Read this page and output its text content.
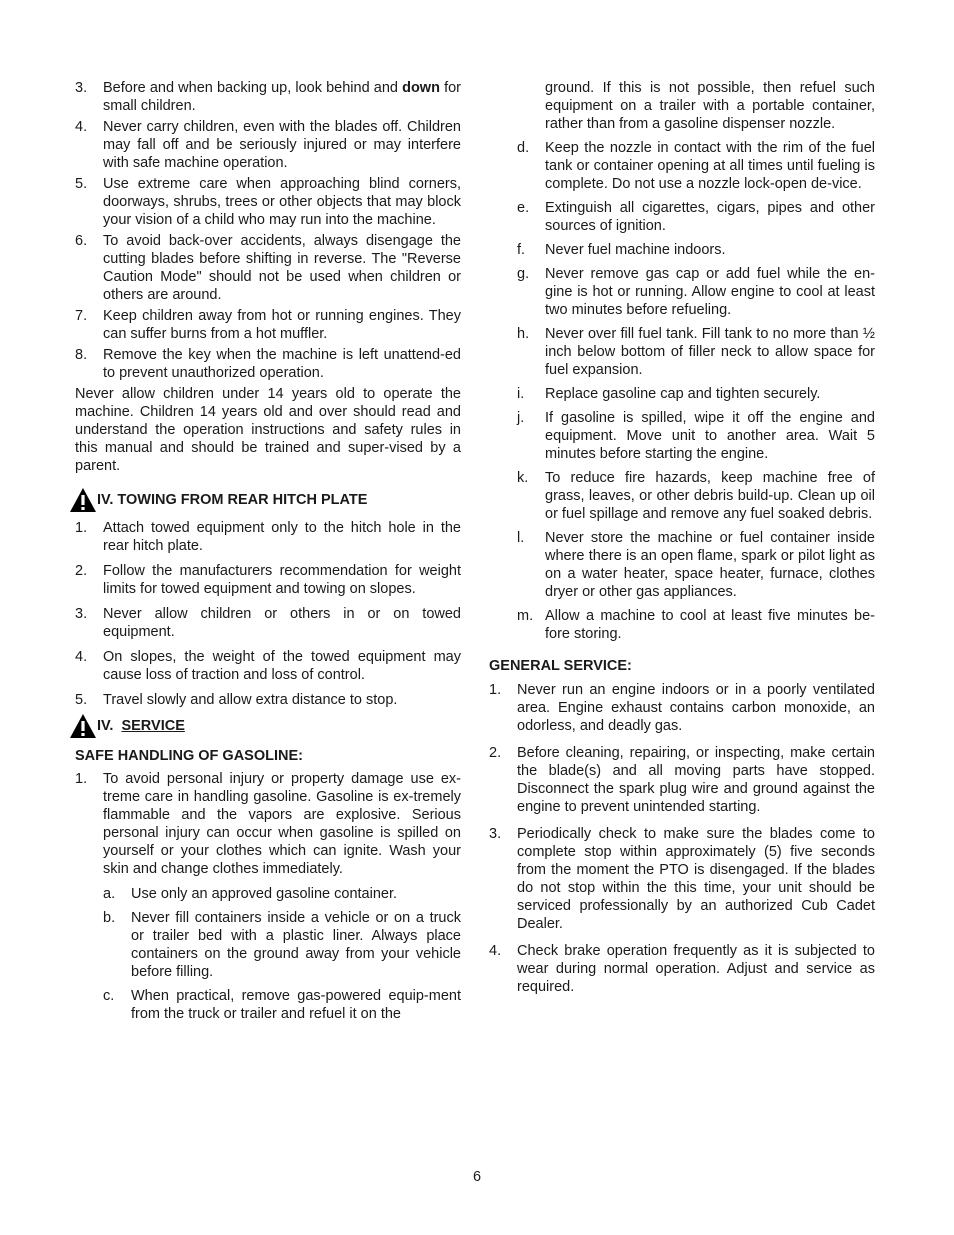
3.	Before and when backing up, look behind and down for small children.
4.	Never carry children, even with the blades off. Children may fall off and be seriously injured or may interfere with safe machine operation.
5.	Use extreme care when approaching blind corners, doorways, shrubs, trees or other objects that may block your vision of a child who may run into the machine.
6.	To avoid back-over accidents, always disengage the cutting blades before shifting in reverse. The "Reverse Caution Mode" should not be used when children or others are around.
7.	Keep children away from hot or running engines. They can suffer burns from a hot muffler.
8.	Remove the key when the machine is left unattend-ed to prevent unauthorized operation.
Never allow children under 14 years old to operate the machine. Children 14 years old and over should read and understand the operation instructions and safety rules in this manual and should be trained and super-vised by a parent.
IV. TOWING FROM REAR HITCH PLATE
1.	Attach towed equipment only to the hitch hole in the rear hitch plate.
2.	Follow the manufacturers recommendation for weight limits for towed equipment and towing on slopes.
3.	Never allow children or others in or on towed equipment.
4.	On slopes, the weight of the towed equipment may cause loss of traction and loss of control.
5.	Travel slowly and allow extra distance to stop.
IV. SERVICE
SAFE HANDLING OF GASOLINE:
1.	To avoid personal injury or property damage use ex-treme care in handling gasoline. Gasoline is ex-tremely flammable and the vapors are explosive. Serious personal injury can occur when gasoline is spilled on yourself or your clothes which can ignite. Wash your skin and change clothes immediately.
a.	Use only an approved gasoline container.
b.	Never fill containers inside a vehicle or on a truck or trailer bed with a plastic liner. Always place containers on the ground away from your vehicle before filling.
c.	When practical, remove gas-powered equip-ment from the truck or trailer and refuel it on the
ground. If this is not possible, then refuel such equipment on a trailer with a portable container, rather than from a gasoline dispenser nozzle.
d.	Keep the nozzle in contact with the rim of the fuel tank or container opening at all times until fueling is complete. Do not use a nozzle lock-open de-vice.
e.	Extinguish all cigarettes, cigars, pipes and other sources of ignition.
f.	Never fuel machine indoors.
g.	Never remove gas cap or add fuel while the en-gine is hot or running. Allow engine to cool at least two minutes before refueling.
h.	Never over fill fuel tank. Fill tank to no more than ½ inch below bottom of filler neck to allow space for fuel expansion.
i.	Replace gasoline cap and tighten securely.
j.	If gasoline is spilled, wipe it off the engine and equipment. Move unit to another area. Wait 5 minutes before starting the engine.
k.	To reduce fire hazards, keep machine free of grass, leaves, or other debris build-up. Clean up oil or fuel spillage and remove any fuel soaked debris.
l.	Never store the machine or fuel container inside where there is an open flame, spark or pilot light as on a water heater, space heater, furnace, clothes dryer or other gas appliances.
m. Allow a machine to cool at least five minutes be-fore storing.
GENERAL SERVICE:
1.	Never run an engine indoors or in a poorly ventilated area. Engine exhaust contains carbon monoxide, an odorless, and deadly gas.
2.	Before cleaning, repairing, or inspecting, make certain the blade(s) and all moving parts have stopped. Disconnect the spark plug wire and ground against the engine to prevent unintended starting.
3.	Periodically check to make sure the blades come to complete stop within approximately (5) five seconds from the moment the PTO is disengaged. If the blades do not stop within the this time, your unit should be serviced professionally by an authorized Cub Cadet Dealer.
4.	Check brake operation frequently as it is subjected to wear during normal operation. Adjust and service as required.
6
